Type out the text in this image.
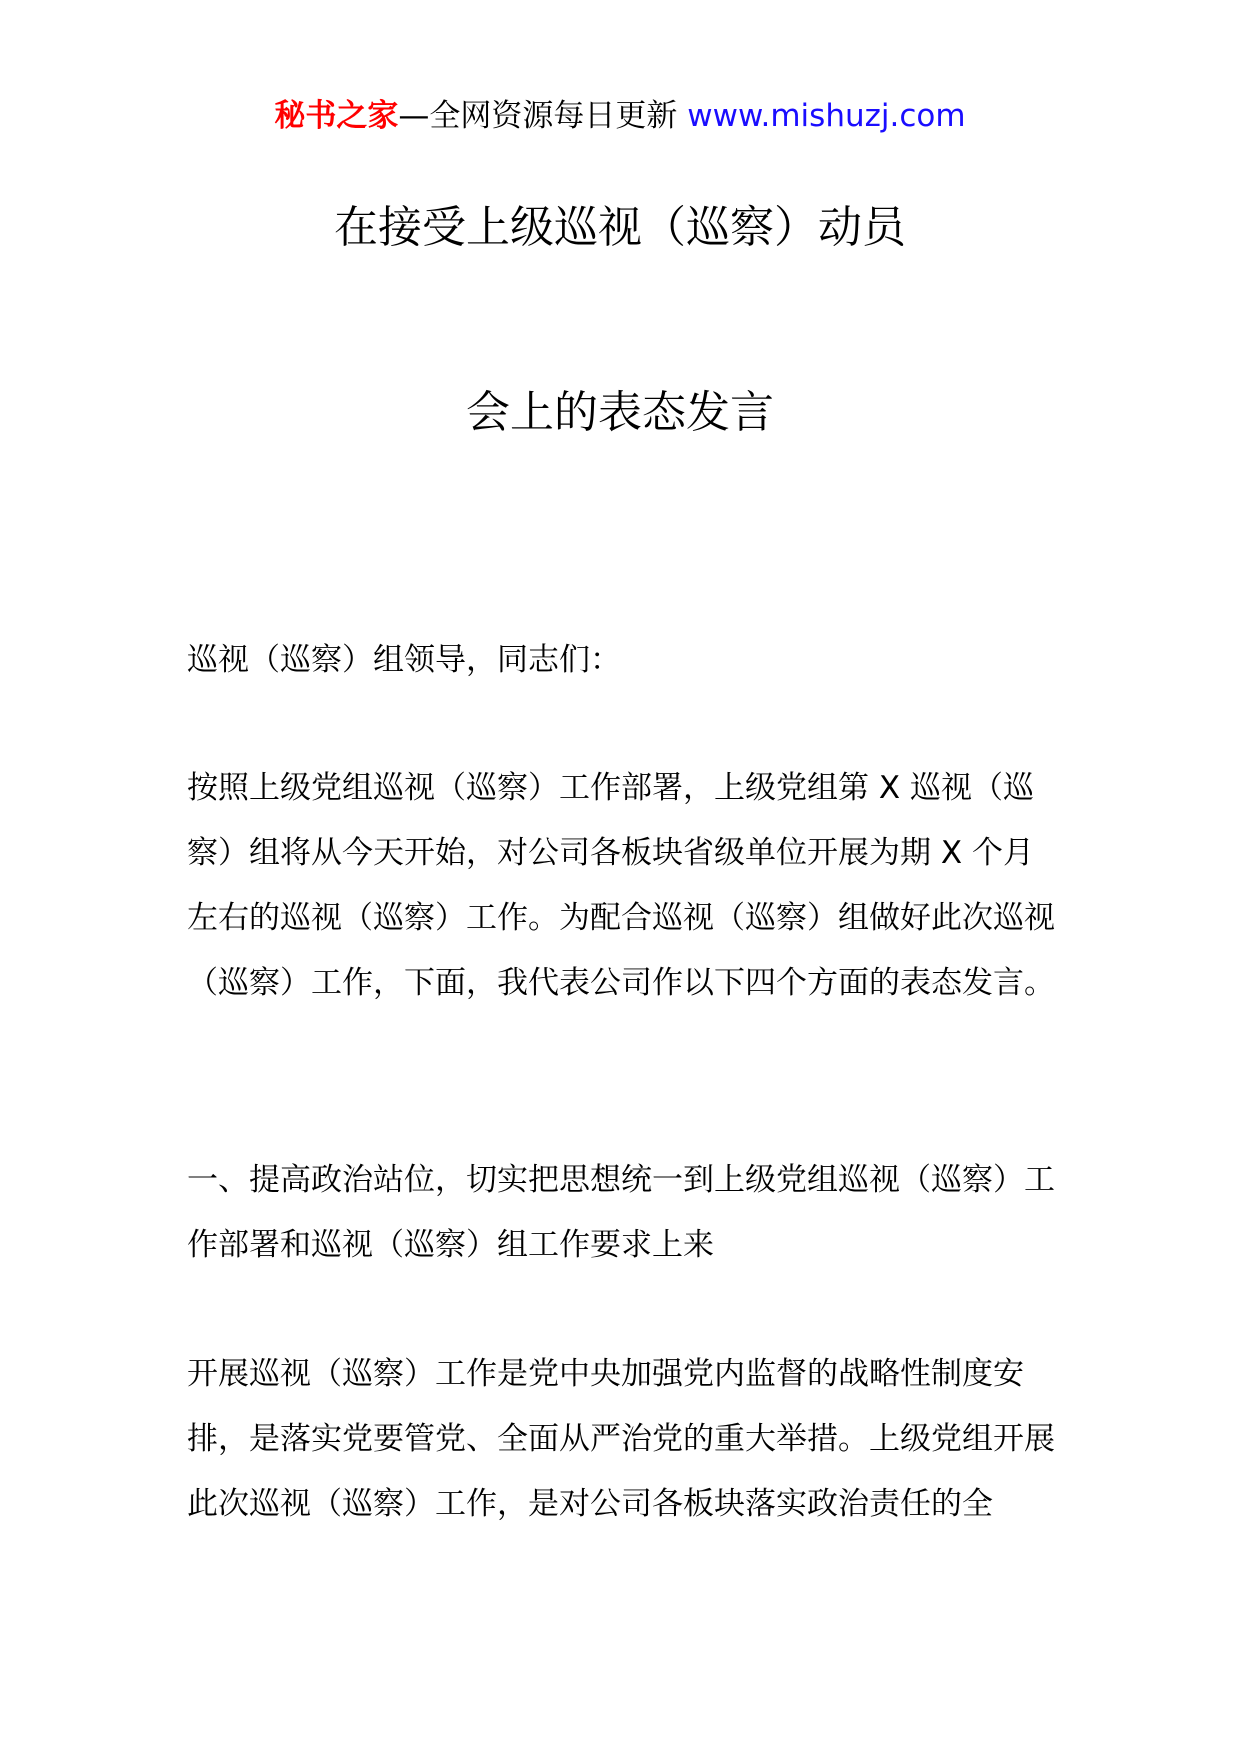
秘书之家—全网资源每日更新 www.mishuzj.com
在接受上级巡视（巡察）动员
会上的表态发言
巡视（巡察）组领导，同志们：
按照上级党组巡视（巡察）工作部署，上级党组第 X 巡视（巡察）组将从今天开始，对公司各板块省级单位开展为期 X 个月左右的巡视（巡察）工作。为配合巡视（巡察）组做好此次巡视（巡察）工作，下面，我代表公司作以下四个方面的表态发言。
一、提高政治站位，切实把思想统一到上级党组巡视（巡察）工作部署和巡视（巡察）组工作要求上来
开展巡视（巡察）工作是党中央加强党内监督的战略性制度安排，是落实党要管党、全面从严治党的重大举措。上级党组开展此次巡视（巡察）工作，是对公司各板块落实政治责任的全
